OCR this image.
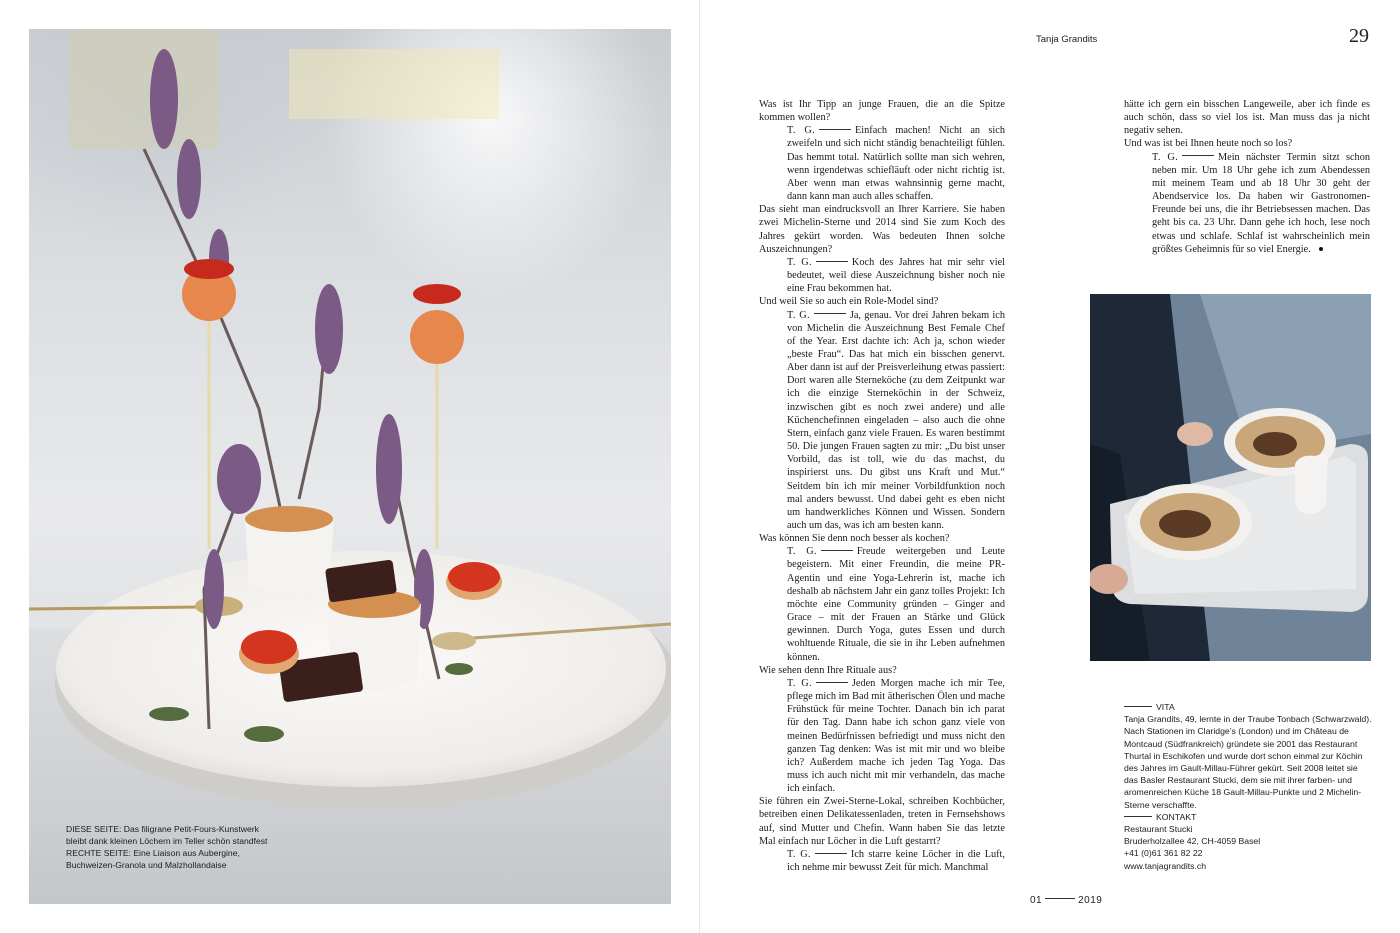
DIESE SEITE: Das filigrane Petit-Fours-Kunstwerk
bleibt dank kleinen Löchern im Teller schön standfest
RECHTE SEITE: Eine Liaison aus Aubergine,
Buchweizen-Granola und Malzhollandaise
Tanja Grandits	29

Was ist Ihr Tipp an junge Frauen, die an die Spitze kommen wollen?

T. G.	Einfach machen! Nicht an sich zweifeln und sich nicht ständig benachteiligt fühlen. Das hemmt total. Natürlich sollte man sich wehren, wenn irgendetwas schiefläuft oder nicht richtig ist. Aber wenn man etwas wahnsinnig gerne macht, dann kann man auch alles schaffen.

Das sieht man eindrucksvoll an Ihrer Karriere. Sie haben zwei Michelin-Sterne und 2014 sind Sie zum Koch des Jahres gekürt worden. Was bedeuten Ihnen solche Auszeichnungen?

T. G.	Koch des Jahres hat mir sehr viel bedeutet, weil diese Auszeichnung bisher noch nie eine Frau bekommen hat.

Und weil Sie so auch ein Role-Model sind?

T. G.	Ja, genau. Vor drei Jahren bekam ich von Michelin die Auszeichnung Best Female Chef of the Year. Erst dachte ich: Ach ja, schon wieder „beste Frau“. Das hat mich ein bisschen genervt. Aber dann ist auf der Preisverleihung etwas passiert: Dort waren alle Sterneköche (zu dem Zeitpunkt war ich die einzige Sterneköchin in der Schweiz, inzwischen gibt es noch zwei andere) und alle Küchenchefinnen eingeladen – also auch die ohne Stern, einfach ganz viele Frauen. Es waren bestimmt 50. Die jungen Frauen sagten zu mir: „Du bist unser Vorbild, das ist toll, wie du das machst, du inspirierst uns. Du gibst uns Kraft und Mut.“ Seitdem bin ich mir meiner Vorbildfunktion noch mal anders bewusst. Und dabei geht es eben nicht um handwerkliches Können und Wissen. Sondern auch um das, was ich am besten kann.

Was können Sie denn noch besser als kochen?

T. G.	Freude weitergeben und Leute begeistern. Mit einer Freundin, die meine PR-Agentin und eine Yoga-Lehrerin ist, mache ich deshalb ab nächstem Jahr ein ganz tolles Projekt: Ich möchte eine Community gründen – Ginger and Grace – mit der Frauen an Stärke und Glück gewinnen. Durch Yoga, gutes Essen und durch wohltuende Rituale, die sie in ihr Leben aufnehmen können.

Wie sehen denn Ihre Rituale aus?

T. G.	Jeden Morgen mache ich mir Tee, pflege mich im Bad mit ätherischen Ölen und mache Frühstück für meine Tochter. Danach bin ich parat für den Tag. Dann habe ich schon ganz viele von meinen Bedürfnissen befriedigt und muss nicht den ganzen Tag denken: Was ist mit mir und wo bleibe ich? Außerdem mache ich jeden Tag Yoga. Das muss ich auch nicht mit mir verhandeln, das mache ich einfach.

Sie führen ein Zwei-Sterne-Lokal, schreiben Kochbücher, betreiben einen Delikatessenladen, treten in Fernsehshows auf, sind Mutter und Chefin. Wann haben Sie das letzte Mal einfach nur Löcher in die Luft gestarrt?

T. G.	Ich starre keine Löcher in die Luft, ich nehme mir bewusst Zeit für mich. Manchmal

hätte ich gern ein bisschen Langeweile, aber ich finde es auch schön, dass so viel los ist. Man muss das ja nicht negativ sehen.

Und was ist bei Ihnen heute noch so los?

T. G.	Mein nächster Termin sitzt schon neben mir. Um 18 Uhr gehe ich zum Abendessen mit meinem Team und ab 18 Uhr 30 geht der Abendservice los. Da haben wir Gastronomen-Freunde bei uns, die ihr Betriebsessen machen. Das geht bis ca. 23 Uhr. Dann gehe ich hoch, lese noch etwas und schlafe. Schlaf ist wahrscheinlich mein größtes Geheimnis für so viel Energie.

VITA
Tanja Grandits, 49, lernte in der Traube Tonbach (Schwarzwald). Nach Stationen im Claridge’s (London) und im Château de Montcaud (Südfrankreich) gründete sie 2001 das Restaurant Thurtal in Eschikofen und wurde dort schon einmal zur Köchin des Jahres im Gault-Millau-Führer gekürt. Seit 2008 leitet sie das Basler Restaurant Stucki, dem sie mit ihrer farben- und aromenreichen Küche 18 Gault-Millau-Punkte und 2 Michelin-Sterne verschaffte.
KONTAKT
Restaurant Stucki
Bruderholzallee 42, CH-4059 Basel
+41 (0)61 361 82 22
www.tanjagrandits.ch
01	2019
